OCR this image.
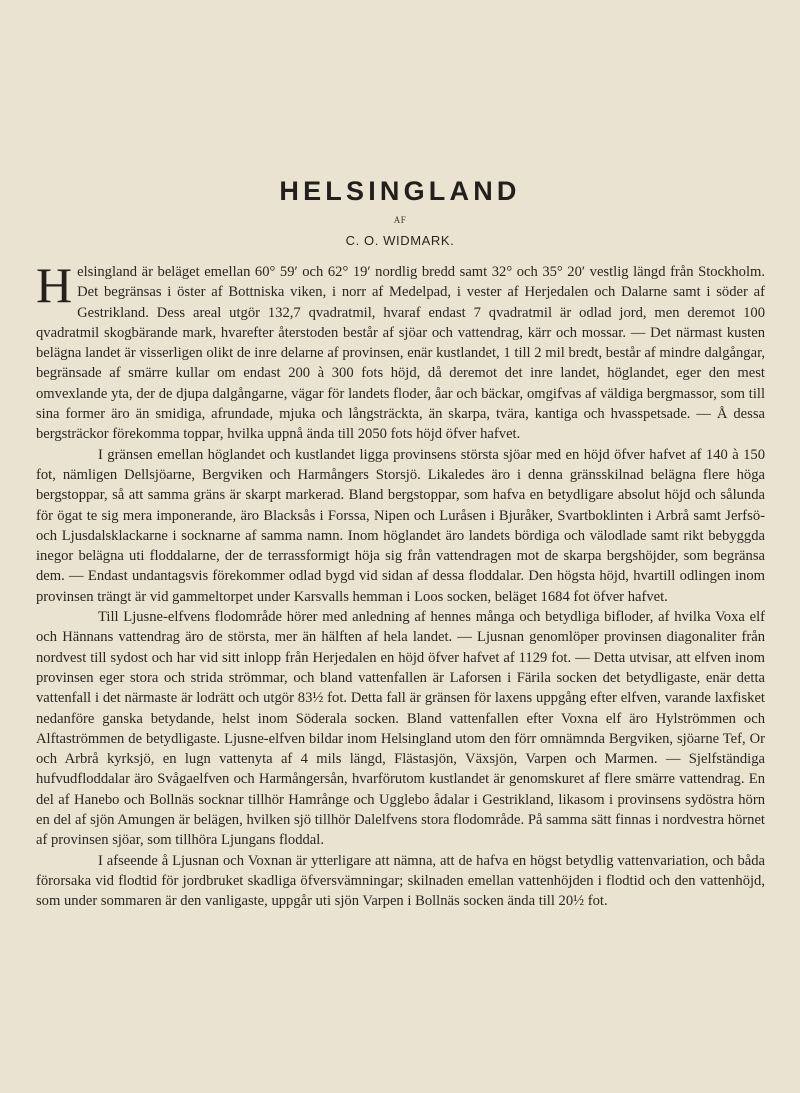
HELSINGLAND
AF
C. O. WIDMARK.

Helsingland är beläget emellan 60° 59′ och 62° 19′ nordlig bredd samt 32° och 35° 20′ vestlig längd från Stockholm. Det begränsas i öster af Bottniska viken, i norr af Medelpad, i vester af Herjedalen och Dalarne samt i söder af Gestrikland. Dess areal utgör 132,7 qvadratmil, hvaraf endast 7 qvadratmil är odlad jord, men deremot 100 qvadratmil skogbärande mark, hvarefter återstoden består af sjöar och vattendrag, kärr och mossar. — Det närmast kusten belägna landet är visserligen olikt de inre delarne af provinsen, enär kustlandet, 1 till 2 mil bredt, består af mindre dalgångar, begränsade af smärre kullar om endast 200 à 300 fots höjd, då deremot det inre landet, höglandet, eger den mest omvexlande yta, der de djupa dalgångarne, vägar för landets floder, åar och bäckar, omgifvas af väldiga bergmassor, som till sina former äro än smidiga, afrundade, mjuka och långsträckta, än skarpa, tvära, kantiga och hvasspetsade. — Å dessa bergsträckor förekomma toppar, hvilka uppnå ända till 2050 fots höjd öfver hafvet.

I gränsen emellan höglandet och kustlandet ligga provinsens största sjöar med en höjd öfver hafvet af 140 à 150 fot, nämligen Dellsjöarne, Bergviken och Harmångers Storsjö. Likaledes äro i denna gränsskilnad belägna flere höga bergstoppar, så att samma gräns är skarpt markerad. Bland bergstoppar, som hafva en betydligare absolut höjd och sålunda för ögat te sig mera imponerande, äro Blacksås i Forssa, Nipen och Luråsen i Bjuråker, Svartboklinten i Arbrå samt Jerfsö- och Ljusdalsklackarne i socknarne af samma namn. Inom höglandet äro landets bördiga och välodlade samt rikt bebyggda inegor belägna uti floddalarne, der de terrassformigt höja sig från vattendragen mot de skarpa bergshöjder, som begränsa dem. — Endast undantagsvis förekommer odlad bygd vid sidan af dessa floddalar. Den högsta höjd, hvartill odlingen inom provinsen trängt är vid gammeltorpet under Karsvalls hemman i Loos socken, beläget 1684 fot öfver hafvet.

Till Ljusne-elfvens flodområde hörer med anledning af hennes många och betydliga bifloder, af hvilka Voxa elf och Hännans vattendrag äro de största, mer än hälften af hela landet. — Ljusnan genomlöper provinsen diagonaliter från nordvest till sydost och har vid sitt inlopp från Herjedalen en höjd öfver hafvet af 1129 fot. — Detta utvisar, att elfven inom provinsen eger stora och strida strömmar, och bland vattenfallen är Laforsen i Färila socken det betydligaste, enär detta vattenfall i det närmaste är lodrätt och utgör 83½ fot. Detta fall är gränsen för laxens uppgång efter elfven, varande laxfisket nedanföre ganska betydande, helst inom Söderala socken. Bland vattenfallen efter Voxna elf äro Hylströmmen och Alftaströmmen de betydligaste. Ljusne-elfven bildar inom Helsingland utom den förr omnämnda Bergviken, sjöarne Tef, Or och Arbrå kyrksjö, en lugn vattenyta af 4 mils längd, Flästasjön, Växsjön, Varpen och Marmen. — Sjelfständiga hufvudfloddalar äro Svågaelfven och Harmångersån, hvarförutom kustlandet är genomskuret af flere smärre vattendrag. En del af Hanebo och Bollnäs socknar tillhör Hamrånge och Ugglebo ådalar i Gestrikland, likasom i provinsens sydöstra hörn en del af sjön Amungen är belägen, hvilken sjö tillhör Dalelfvens stora flodområde. På samma sätt finnas i nordvestra hörnet af provinsen sjöar, som tillhöra Ljungans floddal.

I afseende å Ljusnan och Voxnan är ytterligare att nämna, att de hafva en högst betydlig vattenvariation, och båda förorsaka vid flodtid för jordbruket skadliga öfversvämningar; skilnaden emellan vattenhöjden i flodtid och den vattenhöjd, som under sommaren är den vanligaste, uppgår uti sjön Varpen i Bollnäs socken ända till 20½ fot.
